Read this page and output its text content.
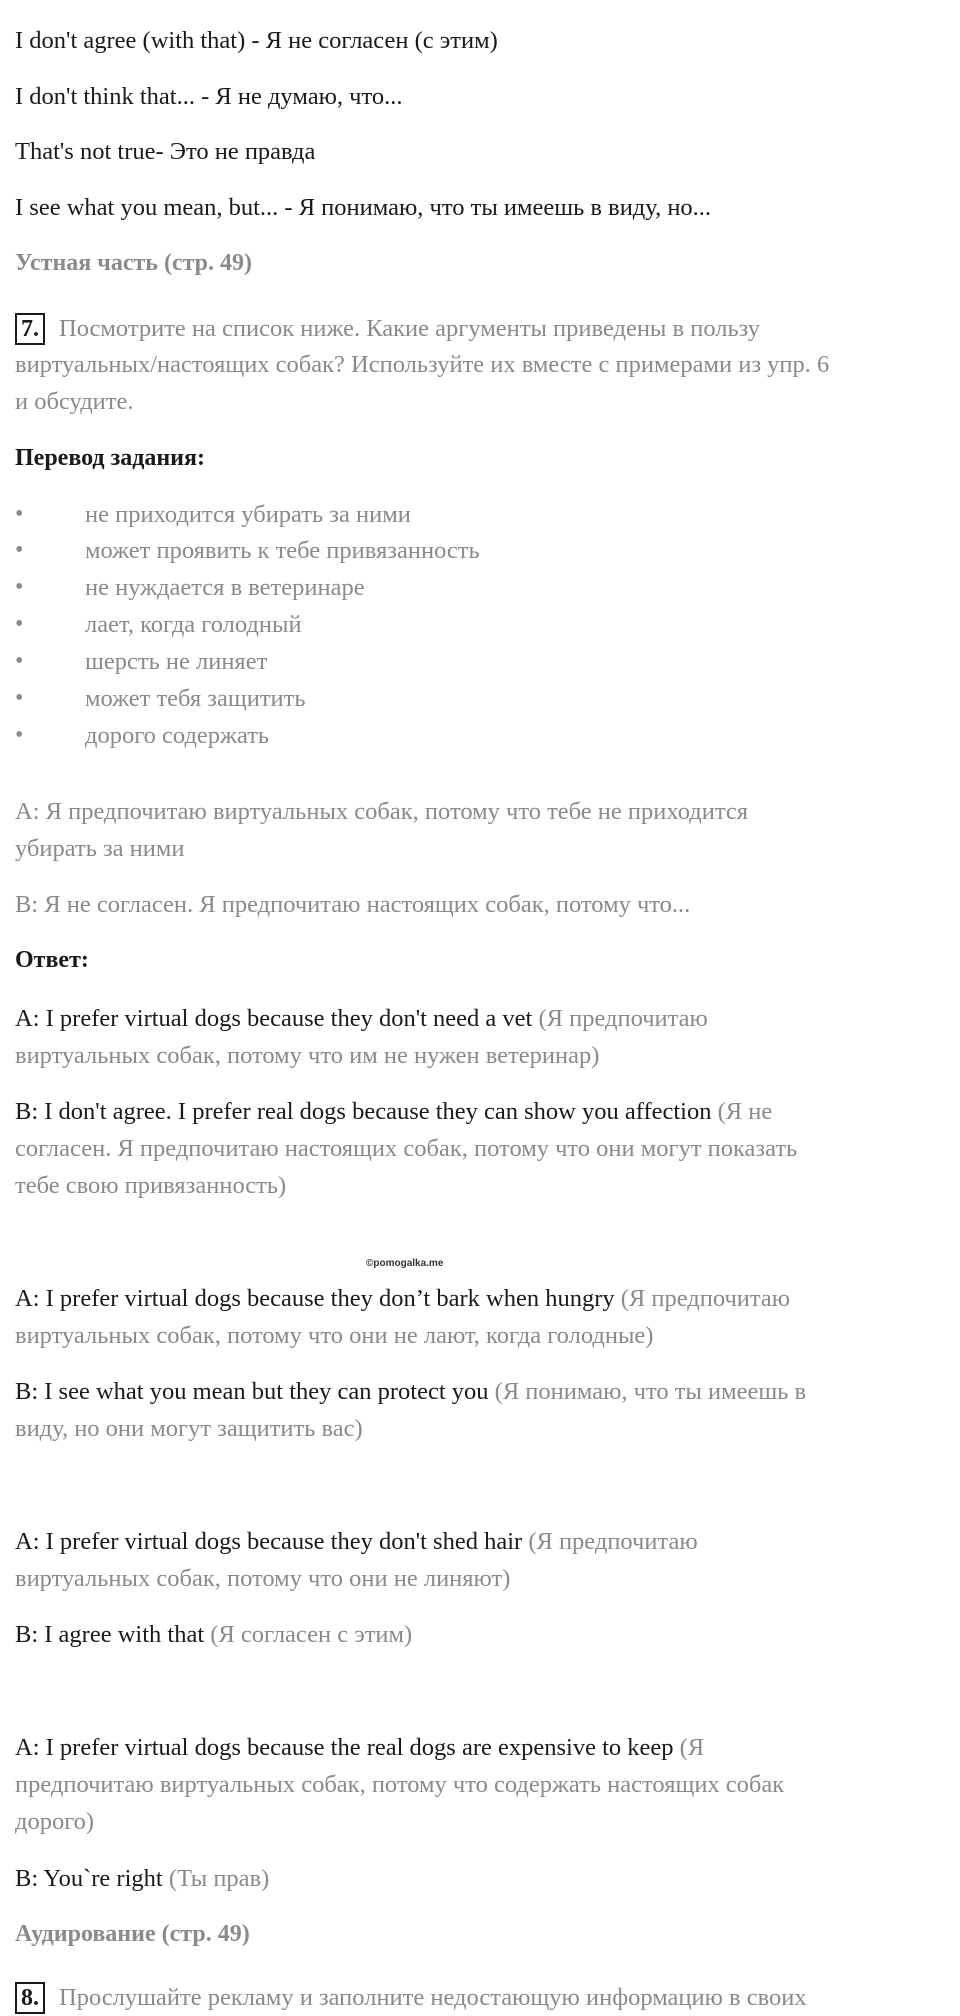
I don't agree (with that) - Я не согласен (с этим)
I don't think that... - Я не думаю, что...
That's not true- Это не правда
I see what you mean, but... - Я понимаю, что ты имеешь в виду, но...
Устная часть (стр. 49)
7. Посмотрите на список ниже. Какие аргументы приведены в пользу
виртуальных/настоящих собак? Используйте их вместе с примерами из упр. 6
и обсудите.
Перевод задания:
•	не приходится убирать за ними
•	может проявить к тебе привязанность
•	не нуждается в ветеринаре
•	лает, когда голодный
•	шерсть не линяет
•	может тебя защитить
•	дорого содержать
A: Я предпочитаю виртуальных собак, потому что тебе не приходится
убирать за ними
B: Я не согласен. Я предпочитаю настоящих собак, потому что...
Ответ:
A: I prefer virtual dogs because they don't need a vet (Я предпочитаю
виртуальных собак, потому что им не нужен ветеринар)
B: I don't agree. I prefer real dogs because they can show you affection (Я не
согласен. Я предпочитаю настоящих собак, потому что они могут показать
тебе свою привязанность)
©pomogalka.me
A: I prefer virtual dogs because they don’t bark when hungry (Я предпочитаю
виртуальных собак, потому что они не лают, когда голодные)
B: I see what you mean but they can protect you (Я понимаю, что ты имеешь в
виду, но они могут защитить вас)
A: I prefer virtual dogs because they don't shed hair (Я предпочитаю
виртуальных собак, потому что они не линяют)
B: I agree with that (Я согласен с этим)
A: I prefer virtual dogs because the real dogs are expensive to keep (Я
предпочитаю виртуальных собак, потому что содержать настоящих собак
дорого)
B: You`re right (Ты прав)
Аудирование (стр. 49)
8. Прослушайте рекламу и заполните недостающую информацию в своих
